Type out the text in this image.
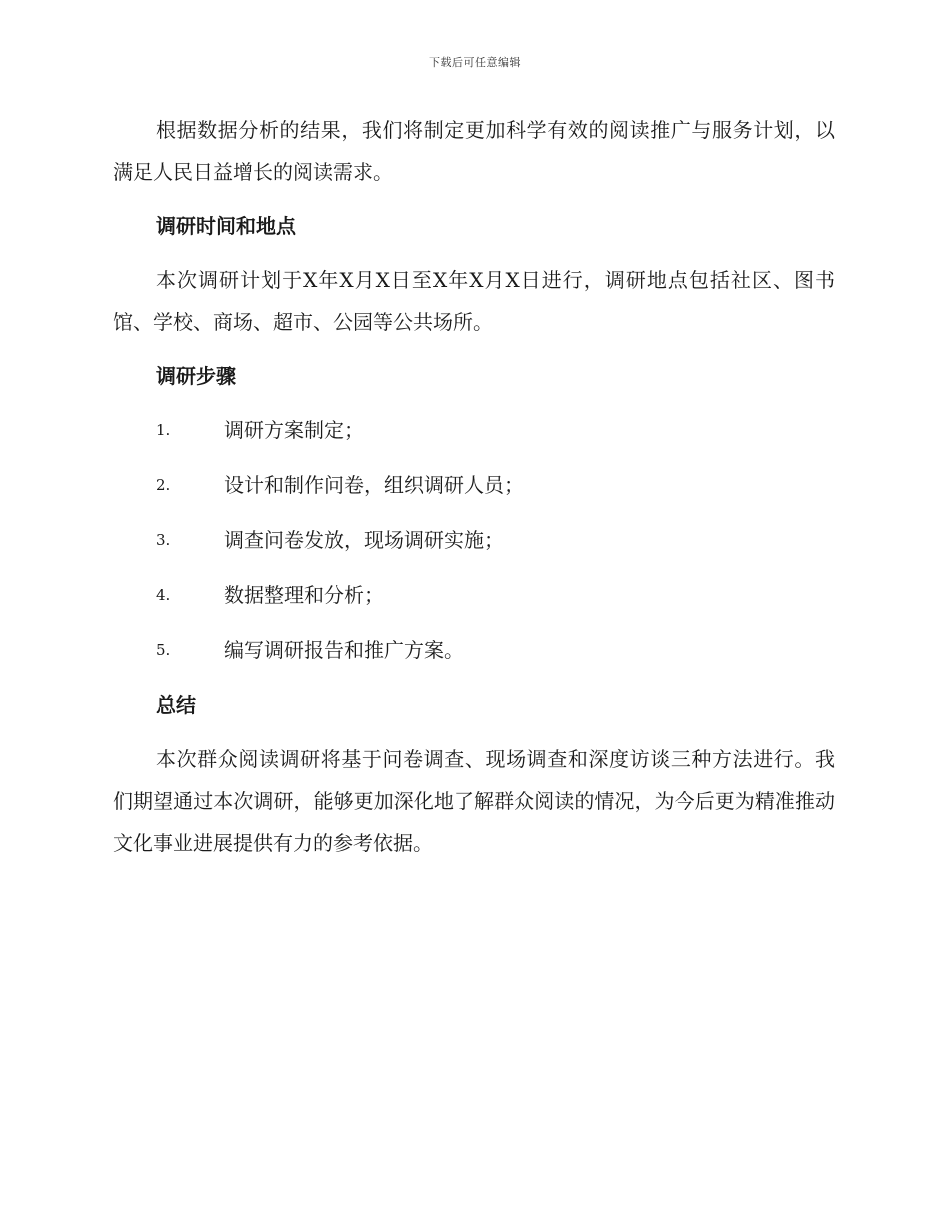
下载后可任意编辑

根据数据分析的结果，我们将制定更加科学有效的阅读推广与服务计划，以满足人民日益增长的阅读需求。

调研时间和地点

本次调研计划于X年X月X日至X年X月X日进行，调研地点包括社区、图书馆、学校、商场、超市、公园等公共场所。

调研步骤
1.	调研方案制定；
2.	设计和制作问卷，组织调研人员；
3.	调查问卷发放，现场调研实施；
4.	数据整理和分析；
5.	编写调研报告和推广方案。
总结

本次群众阅读调研将基于问卷调查、现场调查和深度访谈三种方法进行。我们期望通过本次调研，能够更加深化地了解群众阅读的情况，为今后更为精准推动文化事业进展提供有力的参考依据。
